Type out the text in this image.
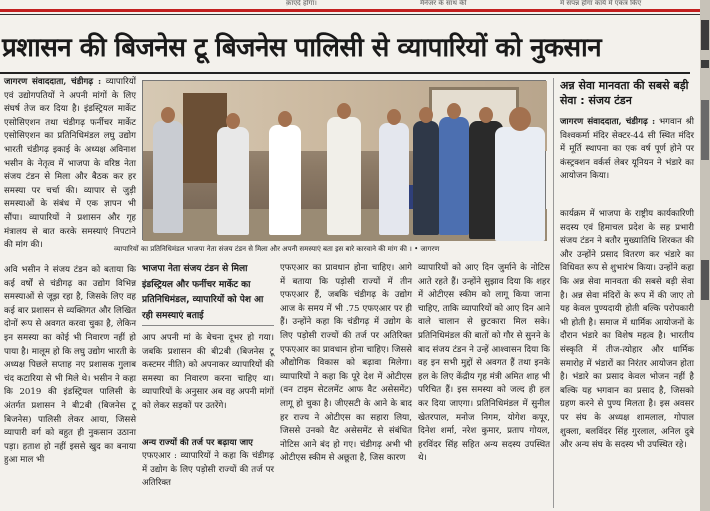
क़ाएदे होगा।	मैनेजर के साथ की	में संपन्न होगा कार्य में एकत्र किए
प्रशासन की बिजनेस टू बिजनेस पालिसी से व्यापारियों को नुकसान
जागरण संवाददाता, चंडीगढ़ : व्यापारियों एवं उद्योगपतियों ने अपनी मांगों के लिए संघर्ष तेज कर दिया है। इंडस्ट्रियल मार्केट एसोसिएशन तथा चंडीगढ़ फर्नीचर मार्केट एसोसिएशन का प्रतिनिधिमंडल लघु उद्योग भारती चंडीगढ़ इकाई के अध्यक्ष अविनाश भसीन के नेतृत्व में भाजपा के वरिष्ठ नेता संजय टंडन से मिला और बैठक कर हर समस्या पर चर्चा की। व्यापार से जुड़ी समस्याओं के संबंध में एक ज्ञापन भी सौंपा। व्यापारियों ने प्रशासन और गृह मंत्रालय से बात करके समस्याएं निपटाने की मांग की।
अवि भसीन ने संजय टंडन को बताया कि कई वर्षों से चंडीगढ़ का उद्योग विभिन्न समस्याओं से जूझ रहा है, जिसके लिए वह कई बार प्रशासन से व्यक्तिगत और लिखित दोनों रूप से अवगत करवा चुका है, लेकिन इन समस्या का कोई भी निवारण नहीं हो पाया है। मालूम हो कि लघु उद्योग भारती के अध्यक्ष पिछले सप्ताह नए प्रशासक गुलाब चंद कटारिया से भी मिले थे। भसीन ने कहा कि 2019 की इंडस्ट्रियल पालिसी के अंतर्गत प्रशासन ने बी2बी (बिजनेस टू बिजनेस) पालिसी लेकर आया, जिससे व्यापारी वर्ग को बहुत ही नुकसान उठाना पड़ा। हताश हो नहीं इससे खुद का बनाया हुआ माल भी
व्यापारियों का प्रतिनिधिमंडल भाजपा नेता संजय टंडन से मिला और अपनी समस्याएं बता इस बारे कारवाने की मांग की । • जागरण
भाजपा नेता संजय टंडन से मिला इंडस्ट्रियल और फर्नीचर मार्केट का प्रतिनिधिमंडल, व्यापारियों को पेश आ रही समस्याएं बताई
आप अपनी मां के बेचना दूभर हो गया। जबकि प्रशासन की बी2बी (बिजनेस टू कस्टमर नीति) को अपनाकर व्यापारियों की समस्या का निवारण करना चाहिए था। व्यापारियों के अनुसार अब वह अपनी मांगों को लेकर सड़कों पर उतरेंगे।
अन्य राज्यों की तर्ज पर बढ़ाया जाए
एफएआर : व्यापारियों ने कहा कि चंडीगढ़ में उद्योग के लिए पड़ोसी राज्यों की तर्ज पर अतिरिक्त
एफएआर का प्रावधान होना चाहिए। आगे में बताया कि पड़ोसी राज्यों में तीन एफएआर हैं, जबकि चंडीगढ़ के उद्योग आज के समय में भी .75 एफएआर पर ही हैं। उन्होंने कहा कि चंडीगढ़ में उद्योग के लिए पड़ोसी राज्यों की तर्ज पर अतिरिक्त एफएआर का प्रावधान होना चाहिए। जिससे औद्योगिक विकास को बढ़ावा मिलेगा। व्यापारियों ने कहा कि पूरे देश में ओटीएस (वन टाइम सेटलमेंट आफ वैट असेसमेंट) लागू हो चुका है। जीएसटी के आने के बाद हर राज्य ने ओटीएस का सहारा लिया, जिससे उनको वैट असेसमेंट से संबंधित नोटिस आने बंद हो गए। चंडीगढ़ अभी भी ओटीएस स्कीम से अछूता है, जिस कारण
व्यापारियों को आए दिन जुर्माने के नोटिस आते रहते हैं। उन्होंने सुझाव दिया कि शहर में ओटीएस स्कीम को लागू किया जाना चाहिए, ताकि व्यापारियों को आए दिन आने वाले चालान से छुटकारा मिल सके। प्रतिनिधिमंडल की बातों को गौर से सुनने के बाद संजय टंडन ने उन्हें आश्वासन दिया कि वह इन सभी मुद्दों से अवगत हैं तथा इनके हल के लिए केंद्रीय गृह मंत्री अमित शाह भी परिचित हैं। इस समस्या को जल्द ही हल कर दिया जाएगा। प्रतिनिधिमंडल में सुनील खेतरपाल, मनोज निगम, योगेश कपूर, दिनेश शर्मा, नरेश कुमार, प्रताप गोयल, हरविंदर सिंह सहित अन्य सदस्य उपस्थित थे।
अन्न सेवा मानवता की सबसे बड़ी सेवा : संजय टंडन
जागरण संवाददाता, चंडीगढ़ : भगवान श्री विश्वकर्मा मंदिर सेक्टर-44 सी स्थित मंदिर में मूर्ति स्थापना का एक वर्ष पूर्ण होने पर कंस्ट्रक्शन वर्कर्स लेबर यूनियन ने भंडारे का आयोजन किया।
कार्यक्रम में भाजपा के राष्ट्रीय कार्यकारिणी सदस्य एवं हिमाचल प्रदेश के सह प्रभारी संजय टंडन ने बतौर मुख्यातिथि शिरकत की और उन्होंने प्रसाद वितरण कर भंडारे का विधिवत रूप से शुभारंभ किया। उन्होंने कहा कि अन्न सेवा मानवता की सबसे बड़ी सेवा है। अन्न सेवा मंदिरों के रूप में की जाए तो यह केवल पुण्यदायी होती बल्कि परोपकारी भी होती है। समाज में धार्मिक आयोजनों के दौरान भंडारे का विशेष महत्व है। भारतीय संस्कृति में तीज-त्योहार और धार्मिक समारोह में भंडारों का निरंतर आयोजन होता है। भंडारे का प्रसाद केवल भोजन नहीं है बल्कि यह भगवान का प्रसाद है, जिसको ग्रहण करने से पुण्य मिलता है। इस अवसर पर संघ के अध्यक्ष शामलाल, गोपाल शुक्ला, बलविंदर सिंह गुरलाल, अनिल दुबे और अन्य संघ के सदस्य भी उपस्थित रहे।
